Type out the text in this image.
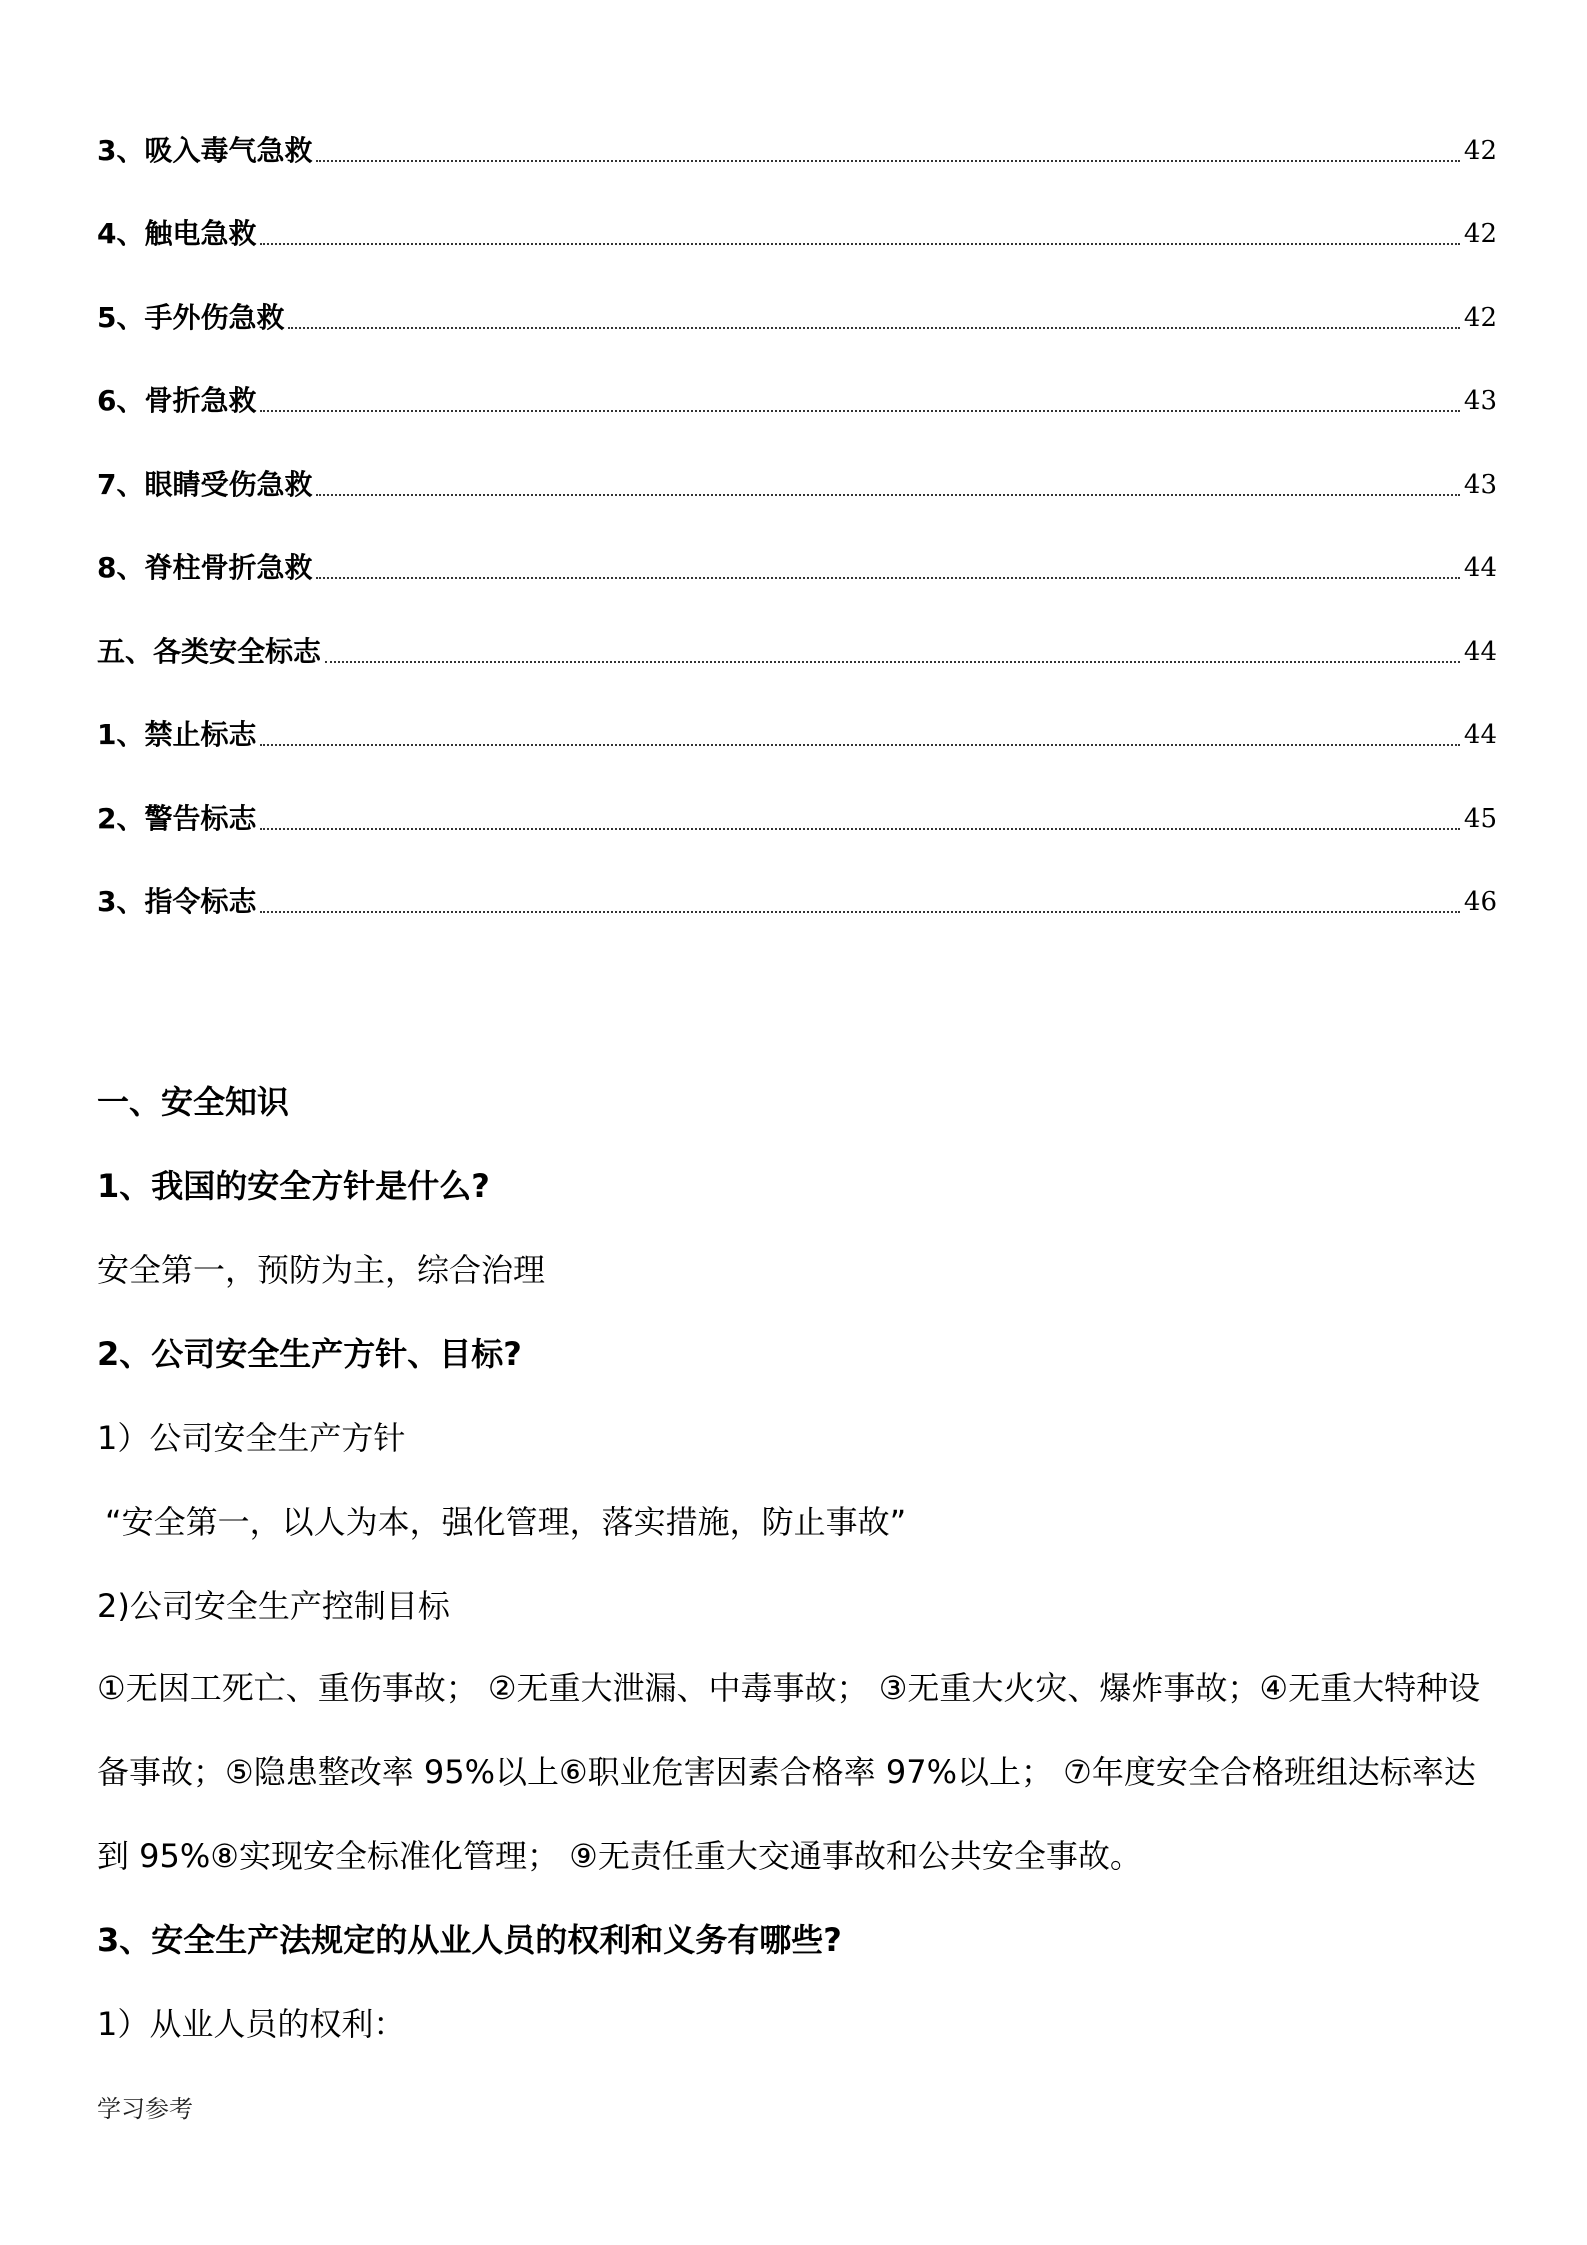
3、吸入毒气急救	42
4、触电急救	42
5、手外伤急救	42
6、骨折急救	43
7、眼睛受伤急救	43
8、脊柱骨折急救	44
五、各类安全标志	44
1、禁止标志	44
2、警告标志	45
3、指令标志	46
一、安全知识
1、我国的安全方针是什么?

安全第一，预防为主，综合治理

2、公司安全生产方针、目标?

1）公司安全生产方针

“安全第一，以人为本，强化管理，落实措施，防止事故”

2)公司安全生产控制目标

①无因工死亡、重伤事故； ②无重大泄漏、中毒事故； ③无重大火灾、爆炸事故；④无重大特种设备事故；⑤隐患整改率 95%以上⑥职业危害因素合格率 97%以上； ⑦年度安全合格班组达标率达到 95%⑧实现安全标准化管理； ⑨无责任重大交通事故和公共安全事故。

3、安全生产法规定的从业人员的权利和义务有哪些?

1）从业人员的权利：

学习参考
